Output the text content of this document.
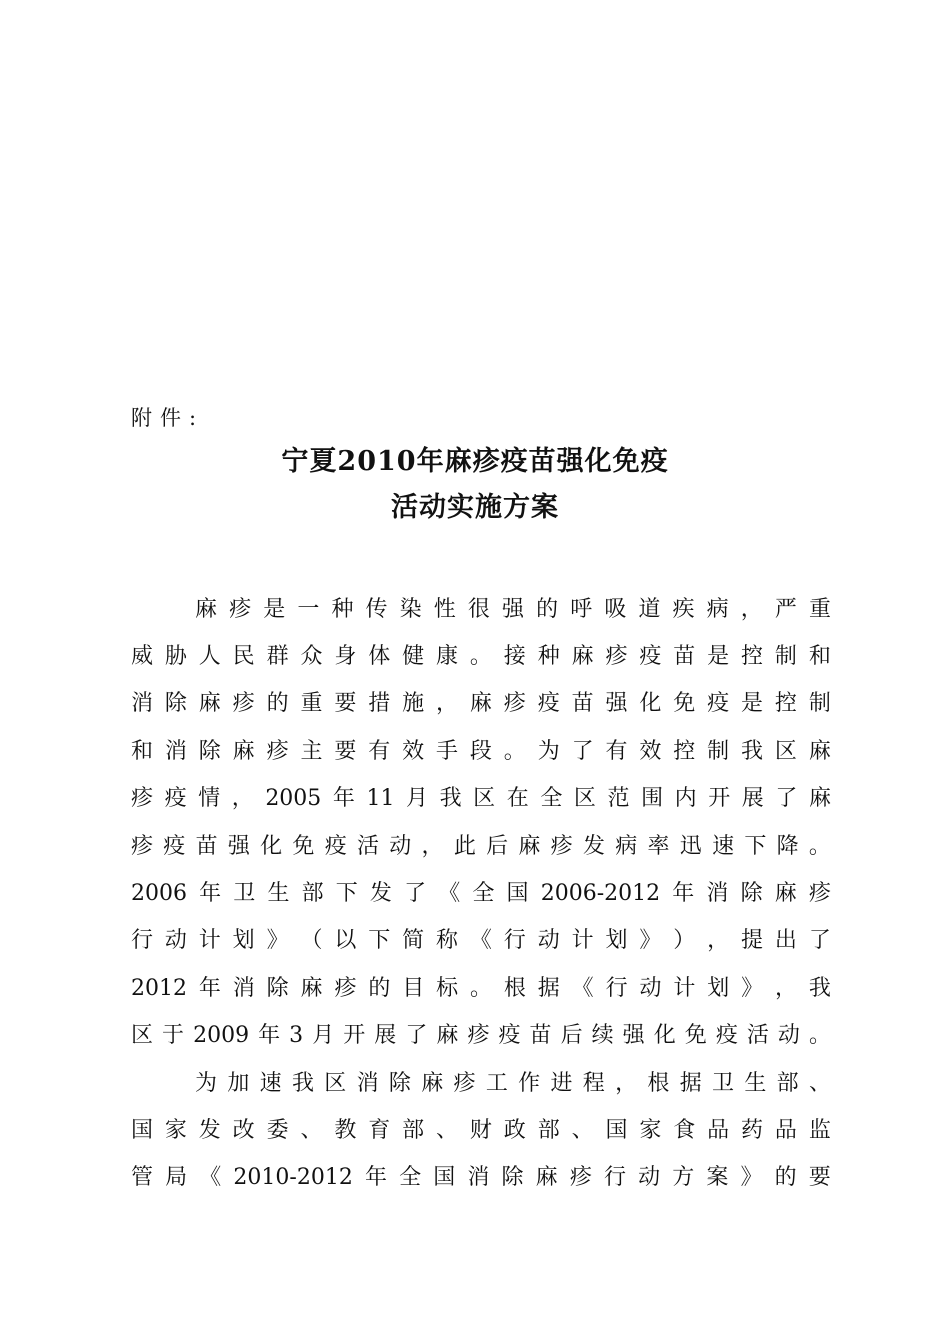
附件:
宁夏2010年麻疹疫苗强化免疫
活动实施方案
麻 疹 是 一 种 传 染 性 很 强 的 呼 吸 道 疾 病 ， 严 重
威 胁 人 民 群 众 身 体 健 康 。 接 种 麻 疹 疫 苗 是 控 制 和
消 除 麻 疹 的 重 要 措 施 ， 麻 疹 疫 苗 强 化 免 疫 是 控 制
和 消 除 麻 疹 主 要 有 效 手 段 。 为 了 有 效 控 制 我 区 麻
疹 疫 情 ， 2005 年 11 月 我 区 在 全 区 范 围 内 开 展 了 麻
疹 疫 苗 强 化 免 疫 活 动 ， 此 后 麻 疹 发 病 率 迅 速 下 降 。
2006 年 卫 生 部 下 发 了 《 全 国 2006-2012 年 消 除 麻 疹
行 动 计 划 》 （ 以 下 简 称 《 行 动 计 划 》 ） ， 提 出 了
2012 年 消 除 麻 疹 的 目 标 。 根 据 《 行 动 计 划 》 ， 我
区 于 2009 年 3 月 开 展 了 麻 疹 疫 苗 后 续 强 化 免 疫 活 动 。
为 加 速 我 区 消 除 麻 疹 工 作 进 程 ， 根 据 卫 生 部 、
国 家 发 改 委 、 教 育 部 、 财 政 部 、 国 家 食 品 药 品 监
管 局 《 2010-2012 年 全 国 消 除 麻 疹 行 动 方 案 》 的 要
